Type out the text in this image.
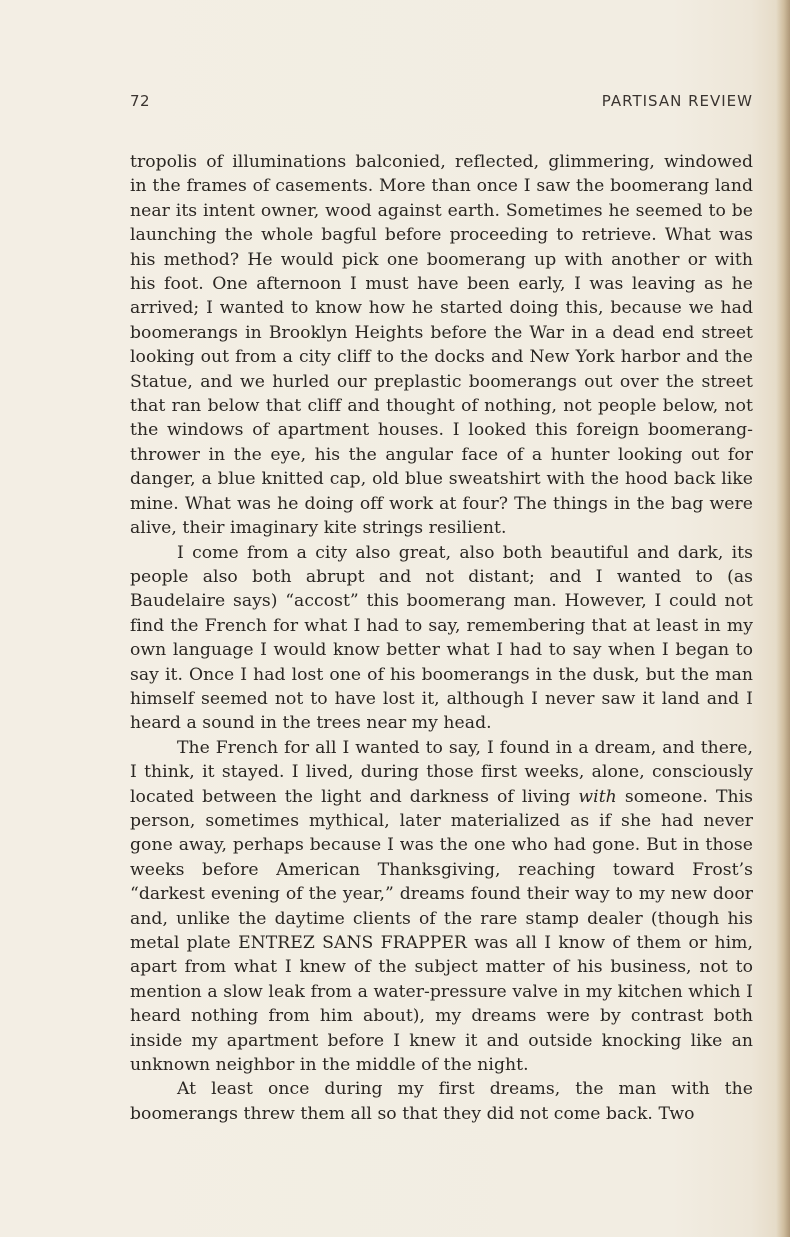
72	PARTISAN REVIEW

tropolis of illuminations balconied, reflected, glimmering, windowed in the frames of casements. More than once I saw the boomerang land near its intent owner, wood against earth. Sometimes he seemed to be launching the whole bagful before proceeding to retrieve. What was his method? He would pick one boomerang up with another or with his foot. One afternoon I must have been early, I was leaving as he arrived; I wanted to know how he started doing this, because we had boomerangs in Brooklyn Heights before the War in a dead end street looking out from a city cliff to the docks and New York harbor and the Statue, and we hurled our preplastic boomerangs out over the street that ran below that cliff and thought of nothing, not people below, not the windows of apartment houses. I looked this foreign boomerang-thrower in the eye, his the angular face of a hunter looking out for danger, a blue knitted cap, old blue sweatshirt with the hood back like mine. What was he doing off work at four? The things in the bag were alive, their imaginary kite strings resilient.

I come from a city also great, also both beautiful and dark, its people also both abrupt and not distant; and I wanted to (as Baudelaire says) “accost” this boomerang man. However, I could not find the French for what I had to say, remembering that at least in my own language I would know better what I had to say when I began to say it. Once I had lost one of his boomerangs in the dusk, but the man himself seemed not to have lost it, although I never saw it land and I heard a sound in the trees near my head.

The French for all I wanted to say, I found in a dream, and there, I think, it stayed. I lived, during those first weeks, alone, consciously located between the light and darkness of living with someone. This person, sometimes mythical, later materialized as if she had never gone away, perhaps because I was the one who had gone. But in those weeks before American Thanksgiving, reaching toward Frost’s “darkest evening of the year,” dreams found their way to my new door and, unlike the daytime clients of the rare stamp dealer (though his metal plate ENTREZ SANS FRAPPER was all I know of them or him, apart from what I knew of the subject matter of his business, not to mention a slow leak from a water-pressure valve in my kitchen which I heard nothing from him about), my dreams were by contrast both inside my apartment before I knew it and outside knocking like an unknown neighbor in the middle of the night.

At least once during my first dreams, the man with the boomerangs threw them all so that they did not come back. Two
